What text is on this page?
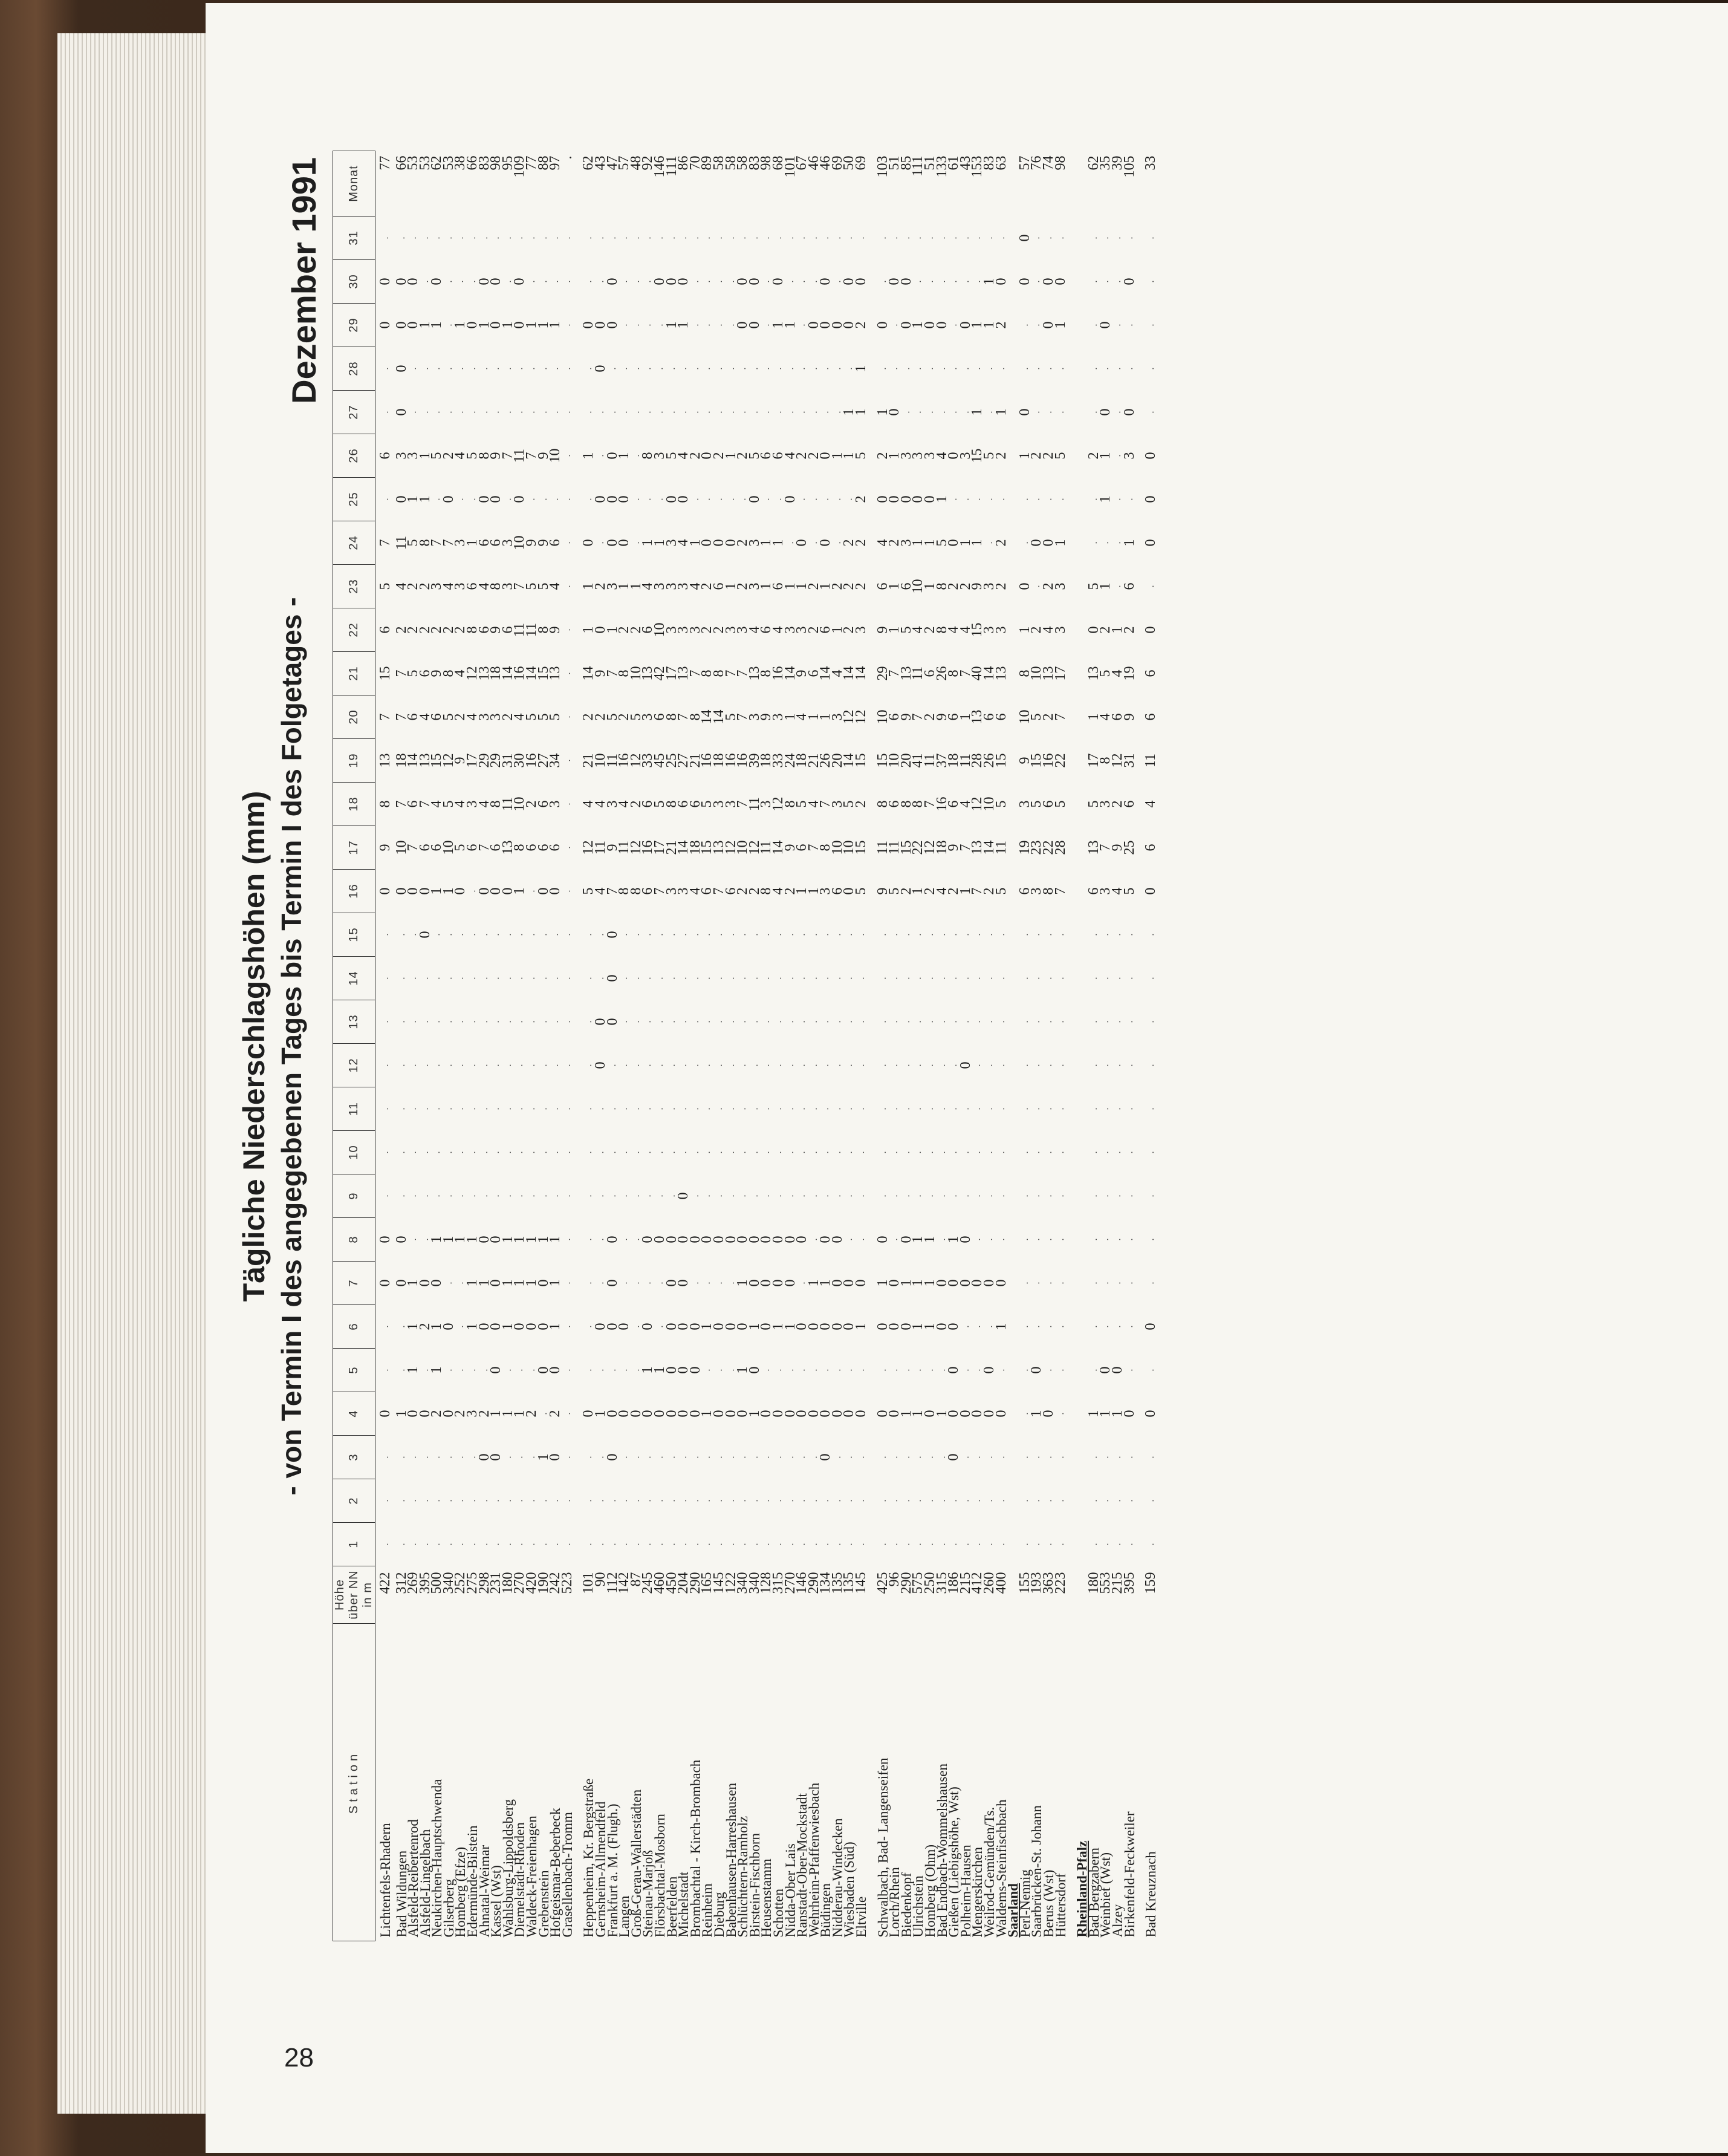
28
Tägliche Niederschlagshöhen (mm) - von Termin I des angegebenen Tages bis Termin I des Folgetages -
Dezember 1991
Station	Höhe über NN in m	1	2	3	4	5	6	7	8	9	10	11	12	13	14	15	16	17	18	19	20	21	22	23	24	25	26	27	28	29	30	31	Monat
Lichtenfels-Rhadern	422	.	.	.	0	.	.	0	0	.	.	.	.	.	.	.	0	9	8	13	7	15	6	5	7	.	6	.	.	0	0	.	77
Bad Wildungen	312	.	.	.	1	.	.	0	0	.	.	.	.	.	.	.	0	10	7	18	7	7	2	4	11	0	3	0	0	0	0	.	66
Alsfeld-Reibertenrod	269	.	.	.	0	1	1	1	.	.	.	.	.	.	.	.	0	7	6	14	6	5	2	2	5	1	3	.	.	0	0	.	53
Alsfeld-Lingelbach	395	.	.	.	0	.	2	0	.	.	.	.	.	.	.	0	0	6	7	13	4	6	2	2	8	1	1	.	.	1	.	.	53
Neukirchen-Hauptschwenda	500	.	.	.	2	1	1	0	1	.	.	.	.	.	.	.	1	6	4	15	6	9	2	3	7	.	5	.	.	1	0	.	62
Gilserberg	340	.	.	.	0	.	0	.	1	.	.	.	.	.	.	.	1	10	5	12	5	8	2	4	7	0	2	.	.	.	.	.	53
Homberg (Efze)	252	.	.	.	2	.	.	.	1	.	.	.	.	.	.	.	0	5	4	9	2	4	2	3	3	.	4	.	.	1	.	.	38
Edermünde-Bilstein	275	.	.	.	3	.	1	1	1	.	.	.	.	.	.	.	.	6	3	17	4	12	8	6	1	.	5	.	.	0	.	.	66
Ahnatal-Weimar	298	.	.	0	2	.	0	1	0	.	.	.	.	.	.	.	0	7	4	29	3	13	6	4	6	0	8	.	.	1	0	.	83
Kassel (Wst)	231	.	.	0	1	0	0	0	0	.	.	.	.	.	.	.	0	6	8	29	3	18	9	8	6	0	9	.	.	0	0	.	98
Wahlsburg-Lippoldsberg	180	.	.	.	1	.	1	1	1	.	.	.	.	.	.	.	0	13	11	31	2	14	6	3	3	.	7	.	.	1	.	.	95
Diemelstadt-Rhoden	270	.	.	.	1	.	0	1	1	.	.	.	.	.	.	.	1	8	10	30	4	16	11	7	10	0	11	.	.	0	0	.	109
Waldeck-Freienhagen	420	.	.	.	2	.	0	1	1	.	.	.	.	.	.	.	.	6	2	16	5	14	11	5	9	.	7	.	.	1	.	.	77
Grebenstein	190	.	.	1	.	0	0	0	1	.	.	.	.	.	.	.	0	6	6	27	5	15	8	5	9	.	9	.	.	1	.	.	88
Hofgeismar-Beberbeck	242	.	.	0	2	0	1	1	1	.	.	.	.	.	.	.	0	6	3	34	5	13	9	4	6	.	10	.	.	1	.	.	97
Grasellenbach-Tromm	523	.	.	.	.	.	.	.	.	.	.	.	.	.	.	.	.	.	.	.	.	.	.	.	.	.	.	.	.	.	.	.	.

Heppenheim, Kr. Bergstraße	101	.	.	.	0	.	.	.	.	.	.	.	.	.	.	.	5	12	4	21	2	14	1	1	0	.	1	.	.	0	.	.	62
Gernsheim-Allmendfeld	90	.	.	.	1	.	0	.	.	.	.	.	0	0	.	.	4	11	4	10	2	9	0	2	.	0	.	.	0	0	.	.	43
Frankfurt a. M. (Flugh.)	112	.	.	0	0	.	0	0	0	.	.	.	.	0	0	0	7	9	3	11	5	7	1	3	0	0	0	.	.	0	0	.	47
Langen	142	.	.	.	0	.	0	.	.	.	.	.	.	.	.	.	8	11	4	16	2	8	2	1	0	0	1	.	.	.	.	.	57
Groß-Gerau-Wallerstädten	87	.	.	.	0	.	.	.	.	.	.	.	.	.	.	.	8	12	2	12	5	10	2	1	.	.	.	.	.	.	.	.	48
Steinau-Marjoß	245	.	.	.	0	1	0	.	0	.	.	.	.	.	.	.	6	16	6	33	3	13	6	4	1	.	8	.	.	.	.	.	92
Flörsbachtal-Mosborn	460	.	.	.	0	1	.	.	0	.	.	.	.	.	.	.	7	17	5	45	6	42	10	3	1	.	3	.	.	.	0	.	146
Beerfelden	450	.	.	.	0	0	0	0	0	.	.	.	.	.	.	.	3	21	8	25	8	17	3	3	3	0	5	.	.	1	0	.	111
Michelstadt	204	.	.	.	0	0	0	0	0	0	.	.	.	.	.	.	3	14	6	27	7	13	3	3	4	0	4	.	.	1	0	.	86
Brombachtal - Kirch-Brombach	290	.	.	.	0	0	0	.	0	.	.	.	.	.	.	.	4	18	6	21	8	7	3	4	1	.	2	.	.	.	.	.	70
Reinheim	165	.	.	.	1	.	1	.	0	.	.	.	.	.	.	.	6	15	5	16	14	8	2	2	0	.	0	.	.	.	.	.	89
Dieburg	145	.	.	.	0	.	0	.	0	.	.	.	.	.	.	.	7	13	3	18	14	8	2	6	0	.	2	.	.	.	.	.	58
Babenhausen-Harreshausen	122	.	.	.	0	.	0	.	0	.	.	.	.	.	.	.	6	12	3	16	5	7	3	1	0	.	1	.	.	.	.	.	58
Schlüchtern-Ramholz	340	.	.	.	0	1	0	1	0	.	.	.	.	.	.	.	2	10	7	16	7	7	3	2	2	.	2	.	.	0	0	.	58
Birstein-Fischborn	340	.	.	.	1	0	1	0	0	.	.	.	.	.	.	.	2	12	11	39	3	13	4	3	3	0	5	.	.	0	0	.	83
Heusenstamm	128	.	.	.	0	.	0	0	0	.	.	.	.	.	.	.	8	11	3	18	9	8	6	1	1	.	6	.	.	.	.	.	98
Schotten	315	.	.	.	0	.	1	0	0	.	.	.	.	.	.	.	4	14	12	33	3	16	4	6	1	.	6	.	.	1	0	.	68
Nidda-Ober Lais	270	.	.	.	0	.	1	0	0	.	.	.	.	.	.	.	2	9	8	24	1	14	3	1	.	0	4	.	.	1	.	.	101
Ranstadt-Ober-Mockstadt	146	.	.	.	0	.	0	.	0	.	.	.	.	.	.	.	1	6	5	18	4	9	3	1	0	.	2	.	.	.	.	.	67
Wehrheim-Pfaffenwiesbach	290	.	.	.	0	.	0	1	.	.	.	.	.	.	.	.	1	7	4	21	1	6	2	2	.	.	2	.	.	0	.	.	46
Büdingen	134	.	.	0	0	.	0	1	0	.	.	.	.	.	.	.	3	8	7	26	1	14	6	1	0	.	0	.	.	0	0	.	46
Nidderau-Windecken	135	.	.	.	0	.	0	0	0	.	.	.	.	.	.	.	6	10	3	20	3	4	1	2	.	.	1	.	.	0	.	.	69
Wiesbaden (Süd)	135	.	.	.	0	.	0	0	.	.	.	.	.	.	.	.	0	10	5	14	12	14	2	2	2	.	1	1	.	0	0	.	50
Eltville	145	.	.	.	0	.	1	0	.	.	.	.	.	.	.	.	5	15	2	15	12	14	3	2	2	2	5	1	1	2	0	.	69

Schwalbach, Bad- Langenseifen	425	.	.	.	0	.	0	1	0	.	.	.	.	.	.	.	9	11	8	15	10	29	9	6	4	0	2	1	.	0	.	.	103
Lorch/Rhein	96	.	.	.	0	.	0	0	.	.	.	.	.	.	.	.	5	11	6	10	6	7	1	1	2	0	1	0	.	.	0	.	51
Biedenkopf	290	.	.	.	1	.	0	1	0	.	.	.	.	.	.	.	2	15	8	20	9	13	5	6	3	0	3	.	.	0	0	.	85
Ulrichstein	575	.	.	.	1	.	1	1	1	.	.	.	.	.	.	.	1	22	8	41	7	11	4	10	1	0	3	.	.	1	.	.	111
Homberg (Ohm)	250	.	.	.	0	.	1	1	1	.	.	.	.	.	.	.	2	12	7	11	2	6	2	1	1	0	3	.	.	0	.	.	51
Bad Endbach-Wommelshausen	315	.	.	.	1	.	0	0	.	.	.	.	.	.	.	.	4	18	16	37	9	26	8	8	5	1	4	.	.	0	.	.	133
Gießen (Liebigshöhe, Wst)	186	.	.	0	0	0	0	0	1	.	.	.	.	.	.	.	2	9	6	18	6	8	4	2	0	.	0	.	.	.	.	.	61
Polheim-Hausen	215	.	.	.	0	.	.	0	0	.	.	.	0	.	.	.	1	7	4	11	1	7	4	2	1	.	3	.	.	0	.	.	43
Mengerskirchen	412	.	.	.	0	.	.	0	.	.	.	.	.	.	.	.	7	13	12	28	13	40	15	9	1	.	15	1	.	1	.	.	153
Weilrod-Gemünden/Ts.	260	.	.	.	0	0	.	0	.	.	.	.	.	.	.	.	2	14	10	26	6	14	3	3	.	.	5	.	.	1	1	.	83
Waldems-Steinfischbach	400	.	.	.	0	.	1	0	.	.	.	.	.	.	.	.	5	11	5	15	6	13	3	2	2	.	2	1	.	2	0	.	63
Saarland																																	
Perl-Nennig	155	.	.	.	.	.	.	.	.	.	.	.	.	.	.	.	6	19	3	9	10	8	1	0	.	.	1	0	.	.	0	0	57
Saarbrücken-St. Johann	193	.	.	.	1	0	.	.	.	.	.	.	.	.	.	.	3	23	5	15	5	10	2	.	0	.	2	.	.	.	.	.	76
Berus (Wst)	363	.	.	.	0	.	.	.	.	.	.	.	.	.	.	.	8	22	6	16	2	13	4	2	0	.	2	.	.	0	0	.	74
Hüttersdorf	223	.	.	.	.	.	.	.	.	.	.	.	.	.	.	.	7	28	5	22	7	17	3	3	1	.	5	.	.	1	0	.	98

Rheinland-Pfalz																																	
Bad Bergzabern	180	.	.	.	1	.	.	.	.	.	.	.	.	.	.	.	6	13	5	17	1	13	0	5	.	.	2	.	.	.	.	.	62
Weinbiet (Wst)	553	.	.	.	1	0	.	.	.	.	.	.	.	.	.	.	3	7	3	8	4	5	2	1	.	1	1	0	.	0	.	.	35
Alzey	215	.	.	.	1	0	.	.	.	.	.	.	.	.	.	.	4	9	2	12	6	4	1	.	.	.	.	.	.	.	.	.	39
Birkenfeld-Feckweiler	395	.	.	.	0	.	.	.	.	.	.	.	.	.	.	.	5	25	6	31	9	19	2	6	1	.	3	0	.	.	0	.	105

Bad Kreuznach	159	.	.	.	0	.	0	.	.	.	.	.	.	.	.	.	0	6	4	11	6	6	0	.	0	0	0	.	.	.	.	.	33
